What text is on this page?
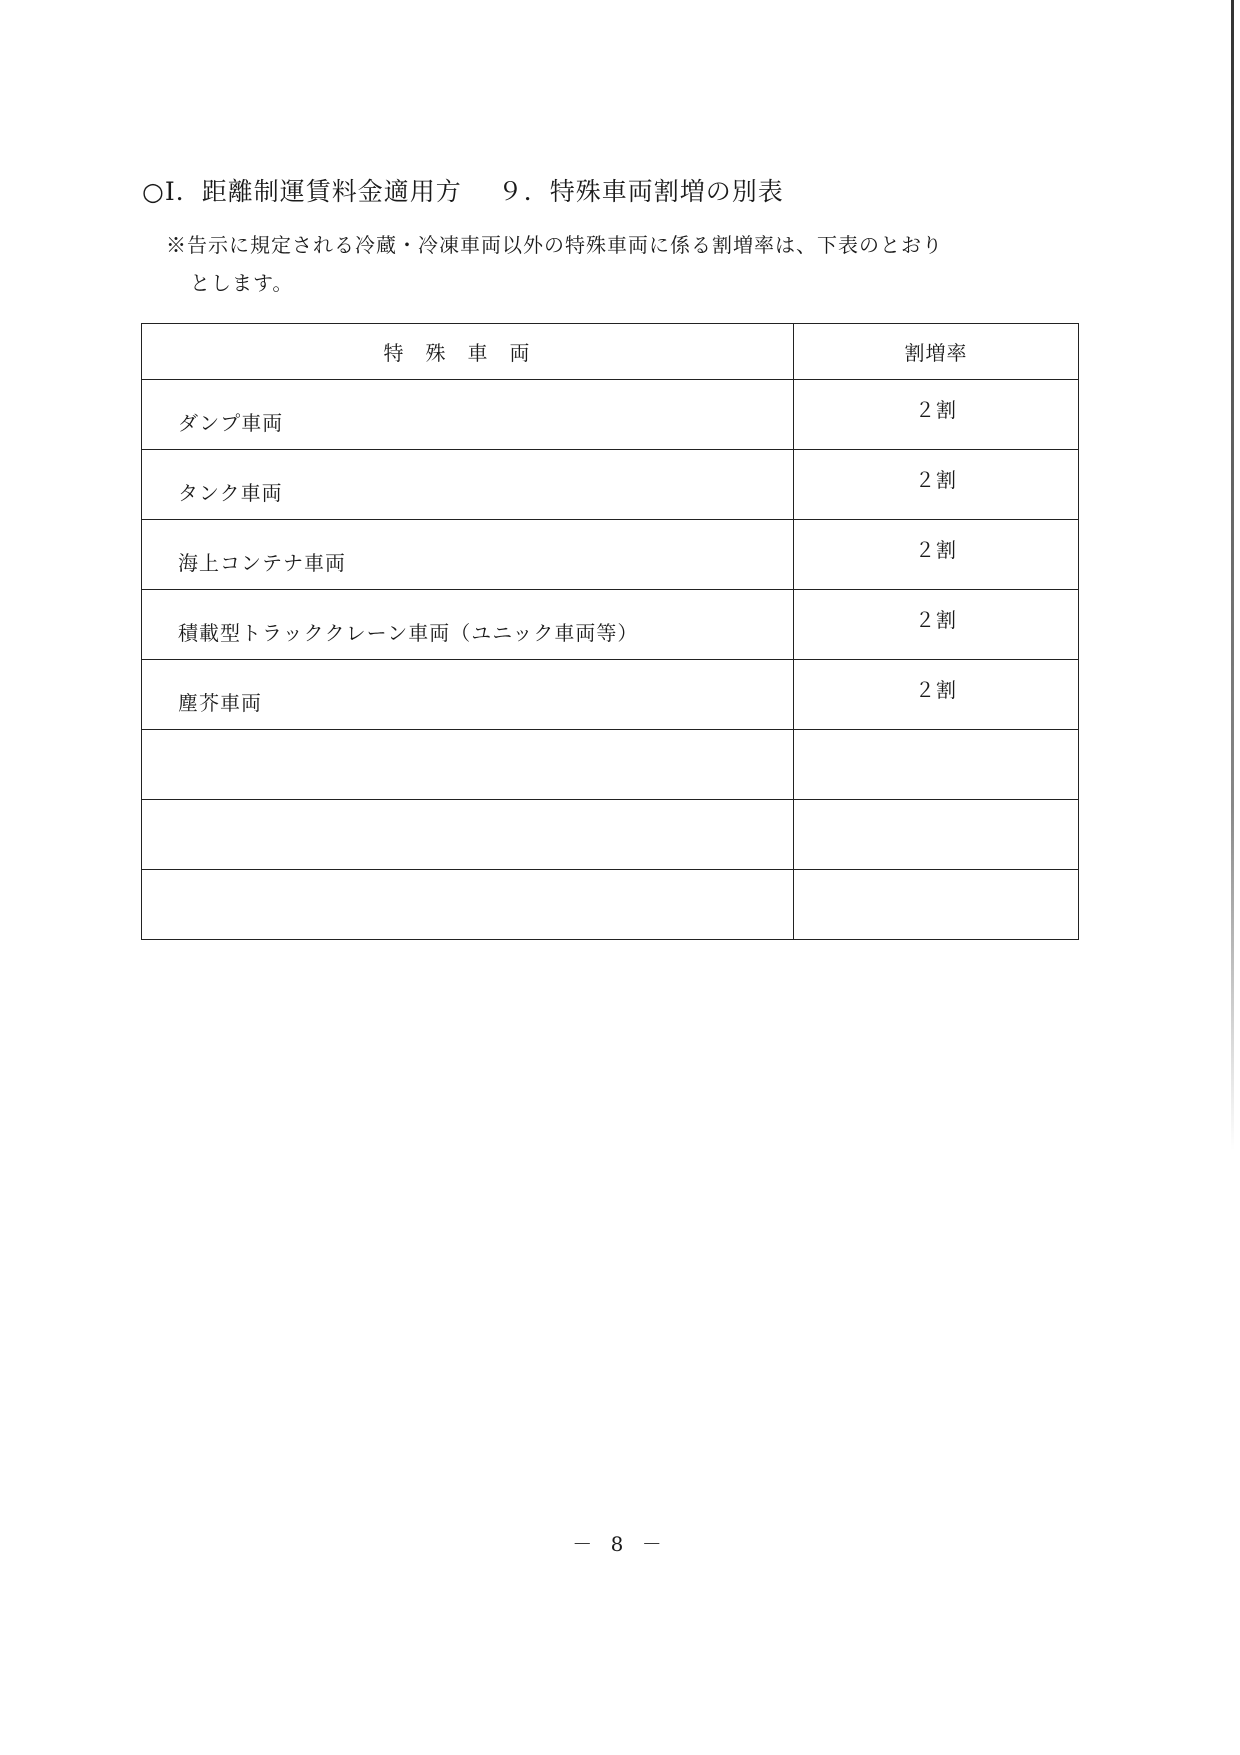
○Ⅰ．距離制運賃料金適用方 ９．特殊車両割増の別表
※告示に規定される冷蔵・冷凍車両以外の特殊車両に係る割増率は、下表のとおり
とします。
特殊車両	割増率
ダンプ車両	２割
タンク車両	２割
海上コンテナ車両	２割
積載型トラッククレーン車両（ユニック車両等）	２割
塵芥車両	２割

－ 8 －
